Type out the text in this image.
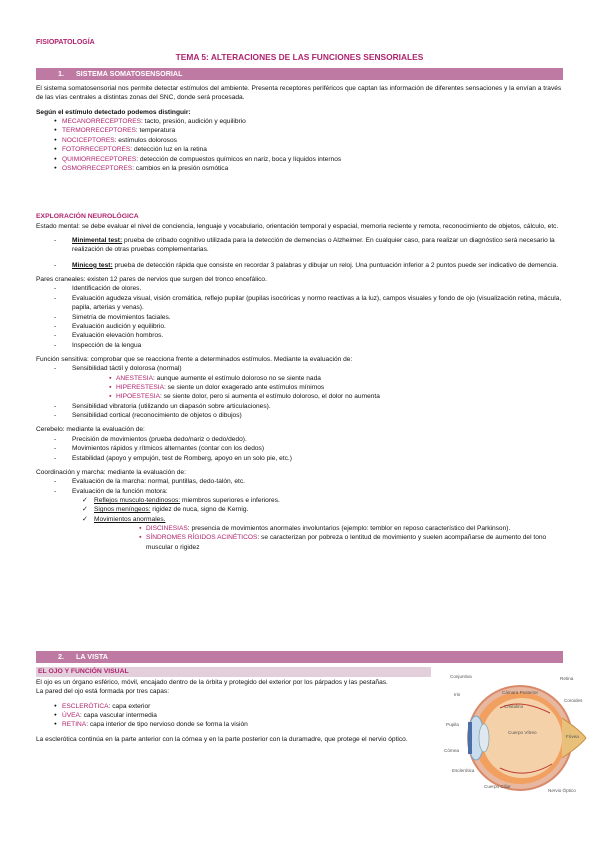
FISIOPATOLOGÍA
TEMA 5: ALTERACIONES DE LAS FUNCIONES SENSORIALES
1. SISTEMA SOMATOSENSORIAL

El sistema somatosensorial nos permite detectar estímulos del ambiente. Presenta receptores periféricos que captan las información de diferentes sensaciones y la envían a través de las vías centrales a distintas zonas del SNC, donde será procesada.

Según el estímulo detectado podemos distinguir:

● MECANORRECEPTORES: tacto, presión, audición y equilibrio
● TERMORRECEPTORES: temperatura
● NOCICEPTORES: estímulos dolorosos
● FOTORRECEPTORES: detección luz en la retina
● QUIMIORRECEPTORES: detección de compuestos químicos en nariz, boca y líquidos internos
● OSMORRECEPTORES: cambios en la presión osmótica

EXPLORACIÓN NEUROLÓGICA

Estado mental: se debe evaluar el nivel de conciencia, lenguaje y vocabulario, orientación temporal y espacial, memoria reciente y remota, reconocimiento de objetos, cálculo, etc.

- Minimental test: prueba de cribado cognitivo utilizada para la detección de demencias o Alzheimer. En cualquier caso, para realizar un diagnóstico será necesario la realización de otras pruebas complementarias.
- Minicog test: prueba de detección rápida que consiste en recordar 3 palabras y dibujar un reloj. Una puntuación inferior a 2 puntos puede ser indicativo de demencia.

Pares craneales: existen 12 pares de nervios que surgen del tronco encefálico.

- Identificación de olores.
- Evaluación agudeza visual, visión cromática, reflejo pupilar (pupilas isocóricas y normo reactivas a la luz), campos visuales y fondo de ojo (visualización retina, mácula, papila, arterias y venas).
- Simetría de movimientos faciales.
- Evaluación audición y equilibrio.
- Evaluación elevación hombros.
- Inspección de la lengua

Función sensitiva: comprobar que se reacciona frente a determinados estímulos. Mediante la evaluación de:

- Sensibilidad táctil y dolorosa (normal)
● ANESTESIA: aunque aumente el estímulo doloroso no se siente nada
● HIPERESTESIA: se siente un dolor exagerado ante estímulos mínimos
● HIPOESTESIA: se siente dolor, pero si aumenta el estímulo doloroso, el dolor no aumenta
- Sensibilidad vibratoria (utilizando un diapasón sobre articulaciones).
- Sensibilidad cortical (reconocimiento de objetos o dibujos)

Cerebelo: mediante la evaluación de:

- Precisión de movimientos (prueba dedo/nariz o dedo/dedo).
- Movimientos rápidos y rítmicos alternantes (contar con los dedos)
- Estabilidad (apoyo y empujón, test de Romberg, apoyo en un solo pie, etc.)

Coordinación y marcha: mediante la evaluación de:

- Evaluación de la marcha: normal, puntillas, dedo-talón, etc.
- Evaluación de la función motora:
✓ Reflejos musculo-tendinosos: miembros superiores e inferiores.
✓ Signos meníngeos: rigidez de nuca, signo de Kernig.
✓ Movimientos anormales.
● DISCINESIAS: presencia de movimientos anormales involuntarios (ejemplo: temblor en reposo característico del Parkinson).
● SÍNDROMES RÍGIDOS ACINÉTICOS: se caracterizan por pobreza o lentitud de movimiento y suelen acompañarse de aumento del tono muscular o rigidez
2. LA VISTA
EL OJO Y FUNCIÓN VISUAL

El ojo es un órgano esférico, móvil, encajado dentro de la órbita y protegido del exterior por los párpados y las pestañas.

La pared del ojo está formada por tres capas:

● ESCLERÓTICA: capa exterior
● ÚVEA: capa vascular intermedia
● RETINA: capa interior de tipo nervioso donde se forma la visión

La esclerótica continúa en la parte anterior con la córnea y en la parte posterior con la duramadre, que protege el nervio óptico.

Conjuntiva	Retina
Iris	Cámara Posterior
Cristalino
Coroides
Pupila
Cuerpo Vítreo
Córnea
Fóvea
Esclerótica
Nervio Óptico
Cuerpo Ciliar
